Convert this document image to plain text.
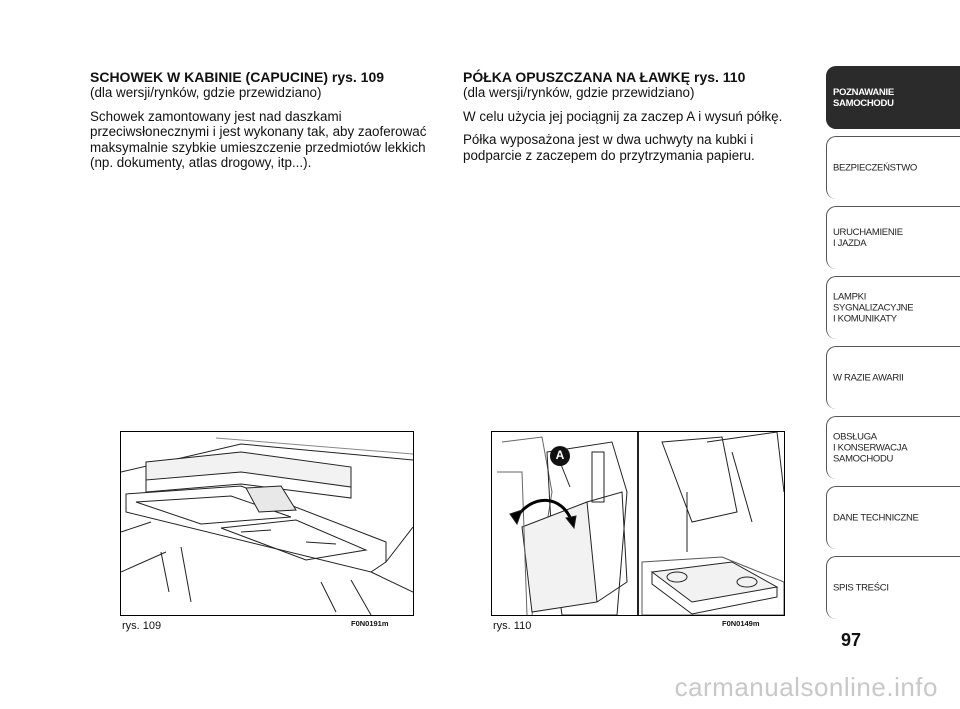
SCHOWEK W KABINIE (CAPUCINE) rys. 109

(dla wersji/rynków, gdzie przewidziano)

Schowek zamontowany jest nad daszkami przeciwsłonecznymi i jest wykonany tak, aby zaoferować maksymalnie szybkie umieszczenie przedmiotów lekkich (np. dokumenty, atlas drogowy, itp...).

PÓŁKA OPUSZCZANA NA ŁAWKĘ rys. 110

(dla wersji/rynków, gdzie przewidziano)

W celu użycia jej pociągnij za zaczep A i wysuń półkę.

Półka wyposażona jest w dwa uchwyty na kubki i podparcie z zaczepem do przytrzymania papieru.

rys. 109	F0N0191m
A
rys. 110	F0N0149m
POZNAWANIE
SAMOCHODU
BEZPIECZEŃSTWO
URUCHAMIENIE
I JAZDA
LAMPKI
SYGNALIZACYJNE
I KOMUNIKATY
W RAZIE AWARII
OBSŁUGA
I KONSERWACJA
SAMOCHODU
DANE TECHNICZNE
SPIS TREŚCI
97
carmanualsonline.info
